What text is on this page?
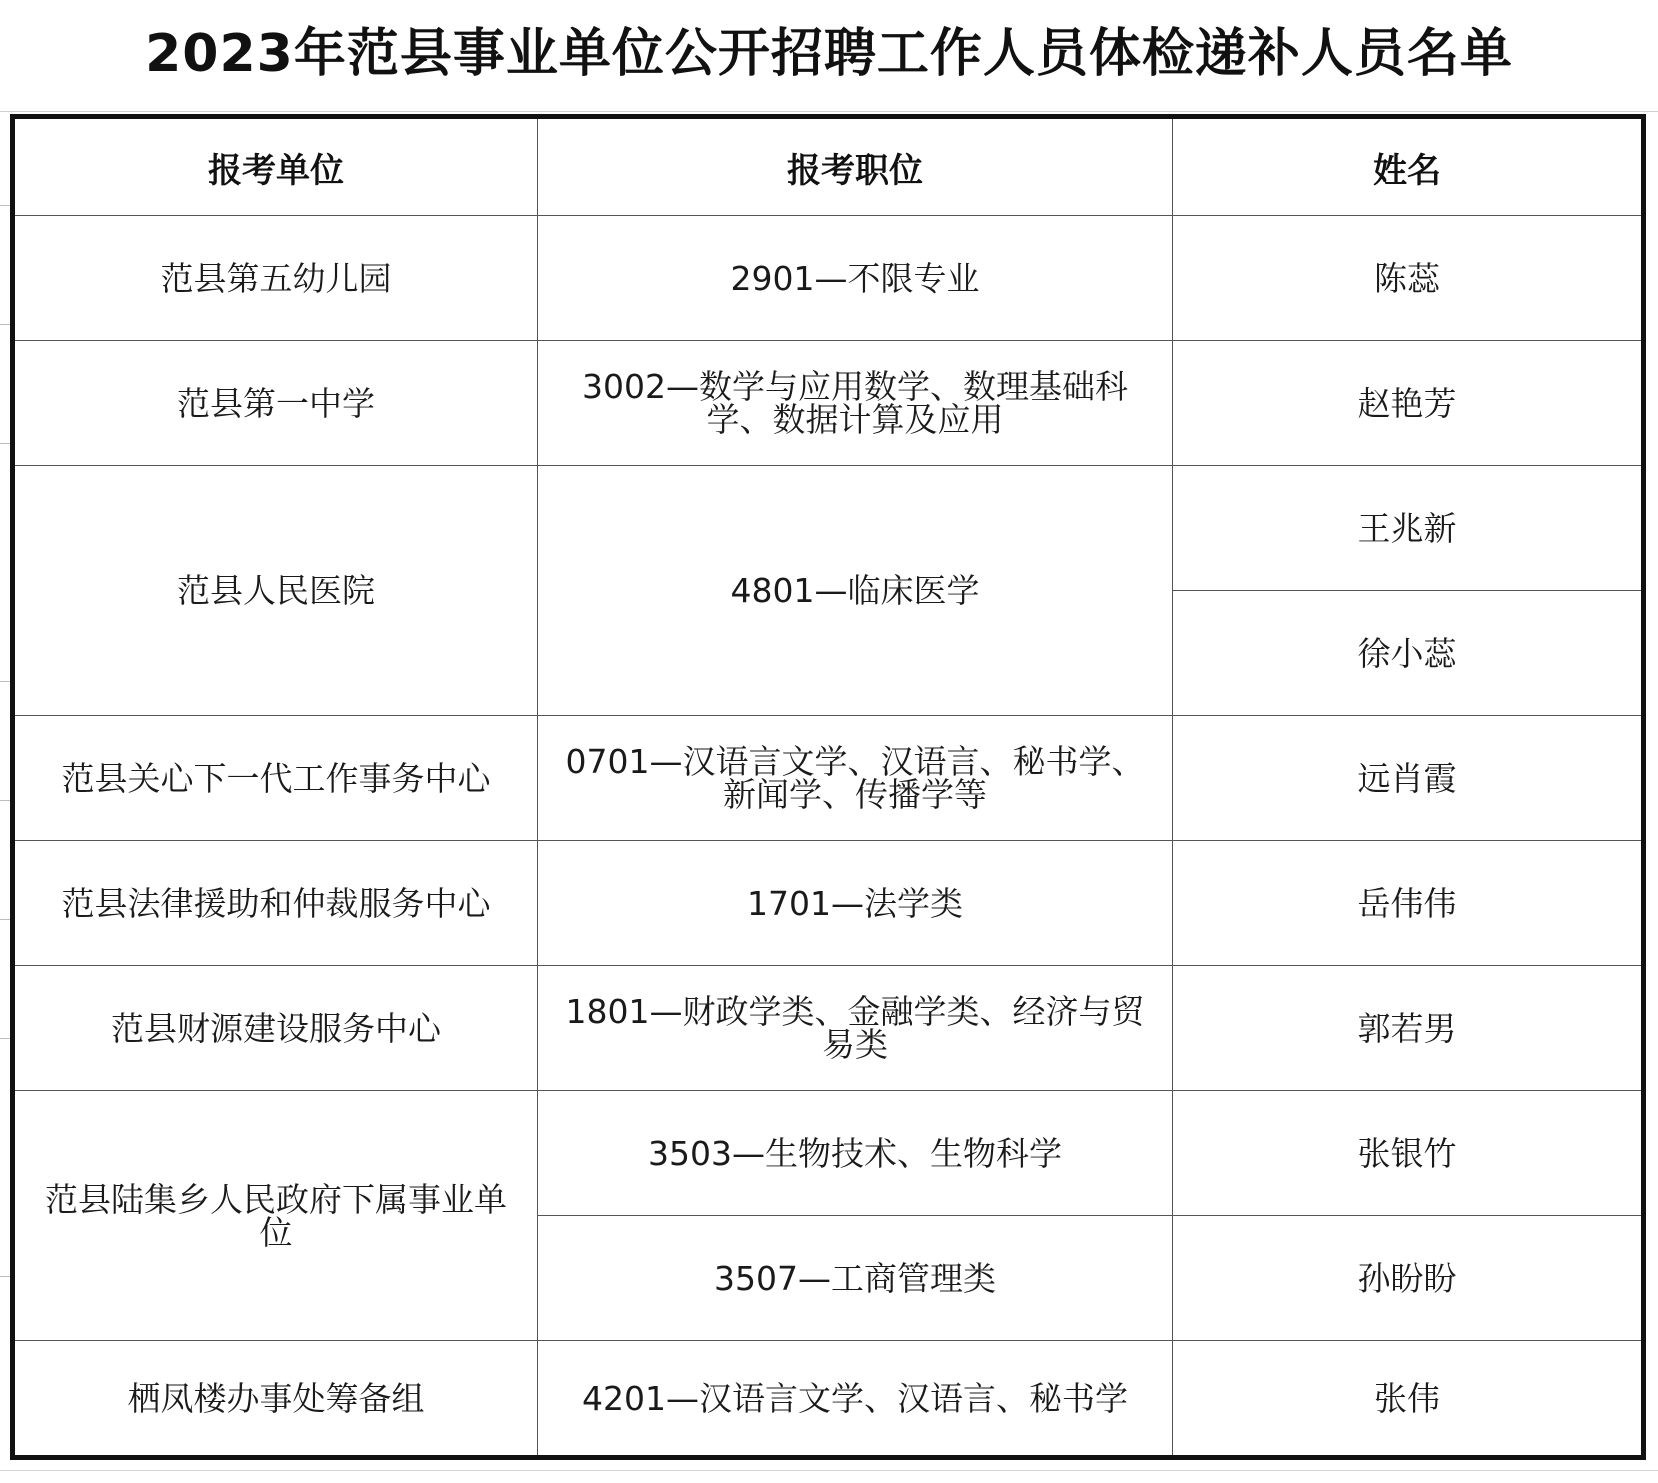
2023年范县事业单位公开招聘工作人员体检递补人员名单
报考单位	报考职位	姓名
范县第五幼儿园	2901—不限专业	陈蕊
范县第一中学	3002—数学与应用数学、数理基础科学、数据计算及应用	赵艳芳
范县人民医院	4801—临床医学	王兆新
		徐小蕊
范县关心下一代工作事务中心	0701—汉语言文学、汉语言、秘书学、新闻学、传播学等	远肖霞
范县法律援助和仲裁服务中心	1701—法学类	岳伟伟
范县财源建设服务中心	1801—财政学类、金融学类、经济与贸易类	郭若男
范县陆集乡人民政府下属事业单位	3503—生物技术、生物科学	张银竹
	3507—工商管理类	孙盼盼
栖凤楼办事处筹备组	4201—汉语言文学、汉语言、秘书学	张伟
